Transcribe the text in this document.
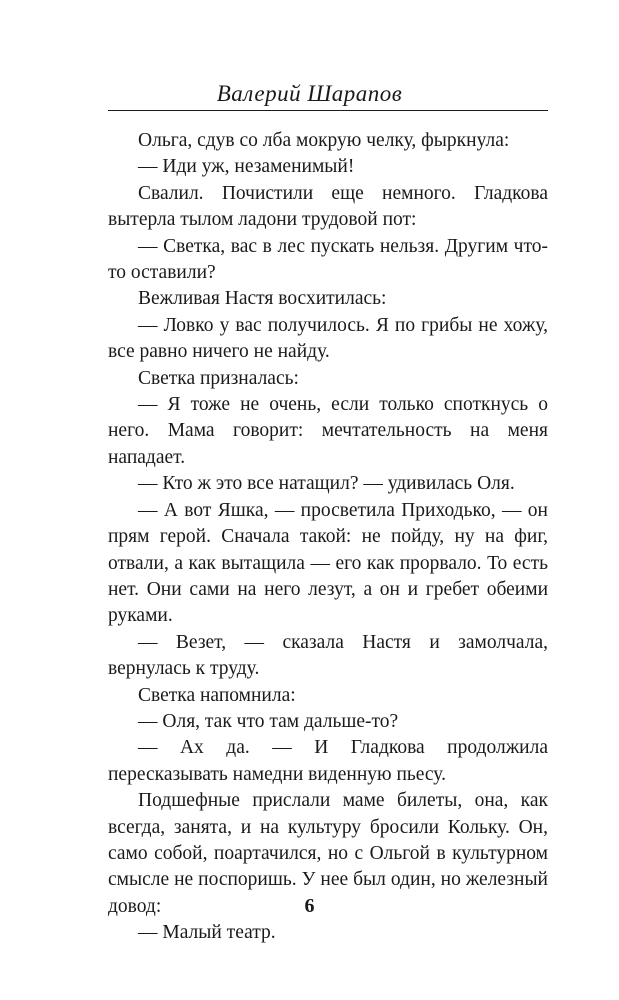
Валерий Шарапов

Ольга, сдув со лба мокрую челку, фыркнула:

— Иди уж, незаменимый!

Свалил. Почистили еще немного. Гладкова вытерла тылом ладони трудовой пот:

— Светка, вас в лес пускать нельзя. Другим что-то оставили?

Вежливая Настя восхитилась:

— Ловко у вас получилось. Я по грибы не хожу, все равно ничего не найду.

Светка призналась:

— Я тоже не очень, если только споткнусь о него. Мама говорит: мечтательность на меня нападает.

— Кто ж это все натащил? — удивилась Оля.

— А вот Яшка, — просветила Приходько, — он прям герой. Сначала такой: не пойду, ну на фиг, отвали, а как вытащила — его как прорвало. То есть нет. Они сами на него лезут, а он и гребет обеими руками.

— Везет, — сказала Настя и замолчала, вернулась к труду.

Светка напомнила:

— Оля, так что там дальше-то?

— Ах да. — И Гладкова продолжила пересказывать намедни виденную пьесу.

Подшефные прислали маме билеты, она, как всегда, занята, и на культуру бросили Кольку. Он, само собой, поартачился, но с Ольгой в культурном смысле не поспоришь. У нее был один, но железный довод:

— Малый театр.

6
